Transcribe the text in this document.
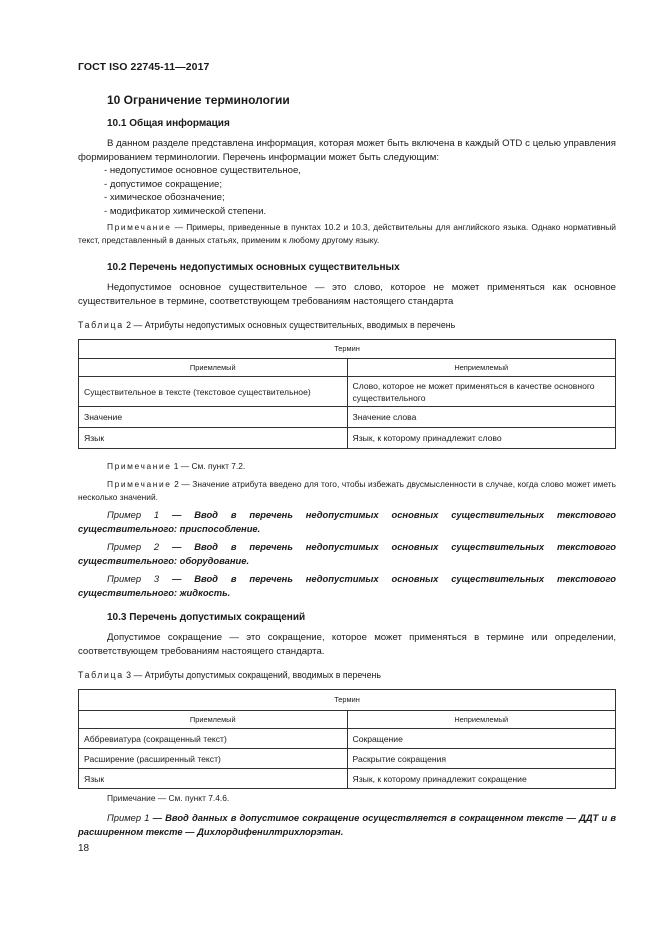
ГОСТ ISO 22745-11—2017
10 Ограничение терминологии
10.1 Общая информация
В данном разделе представлена информация, которая может быть включена в каждый OTD с целью управления формированием терминологии. Перечень информации может быть следующим:
- недопустимое основное существительное,
- допустимое сокращение;
- химическое обозначение;
- модификатор химической степени.
Примечание — Примеры, приведенные в пунктах 10.2 и 10.3, действительны для английского языка. Однако нормативный текст, представленный в данных статьях, применим к любому другому языку.
10.2 Перечень недопустимых основных существительных
Недопустимое основное существительное — это слово, которое не может применяться как основное существительное в термине, соответствующем требованиям настоящего стандарта
Таблица 2 — Атрибуты недопустимых основных существительных, вводимых в перечень
Термин	
Приемлемый	Неприемлемый
Существительное в тексте (текстовое существительное)	Слово, которое не может применяться в качестве основного существительного
Значение	Значение слова
Язык	Язык, к которому принадлежит слово
Примечание 1 — См. пункт 7.2.
Примечание 2 — Значение атрибута введено для того, чтобы избежать двусмысленности в случае, когда слово может иметь несколько значений.
Пример 1 — Ввод в перечень недопустимых основных существительных текстового существительного: приспособление.
Пример 2 — Ввод в перечень недопустимых основных существительных текстового существительного: оборудование.
Пример 3 — Ввод в перечень недопустимых основных существительных текстового существительного: жидкость.
10.3 Перечень допустимых сокращений
Допустимое сокращение — это сокращение, которое может применяться в термине или определении, соответствующем требованиям настоящего стандарта.
Таблица 3 — Атрибуты допустимых сокращений, вводимых в перечень
Термин	
Приемлемый	Неприемлемый
Аббревиатура (сокращенный текст)	Сокращение
Расширение (расширенный текст)	Раскрытие сокращения
Язык	Язык, к которому принадлежит сокращение
Примечание — См. пункт 7.4.6.
Пример 1 — Ввод данных в допустимое сокращение осуществляется в сокращенном тексте — ДДТ и в расширенном тексте — Дихлордифенилтрихлорэтан.
18
